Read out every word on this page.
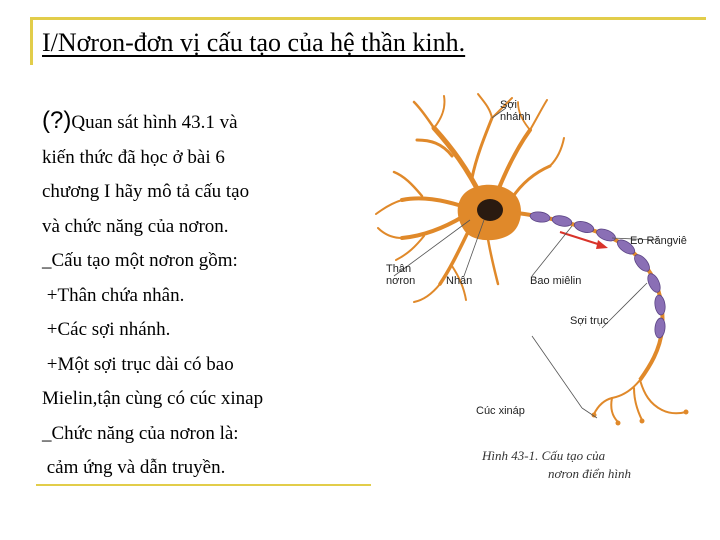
I/Nơron-đơn vị cấu tạo của hệ thần kinh.
(?)Quan sát hình 43.1 và
kiến thức đã học ở bài 6
chương I hãy mô tả cấu tạo
và chức năng của nơron.
_Cấu tạo một nơron gồm:
+Thân chứa nhân.
+Các sợi nhánh.
+Một sợi trục dài có bao
Mielin,tận cùng có cúc xinap
_Chức năng của nơron là:
cảm ứng và dẫn truyền.
Sợi
nhánh
Eo Răngviê
Thân
nơron	Nhân	Bao miêlin
Sợi trục
Cúc xináp
Hình 43-1. Cấu tạo của
nơron điển hình
